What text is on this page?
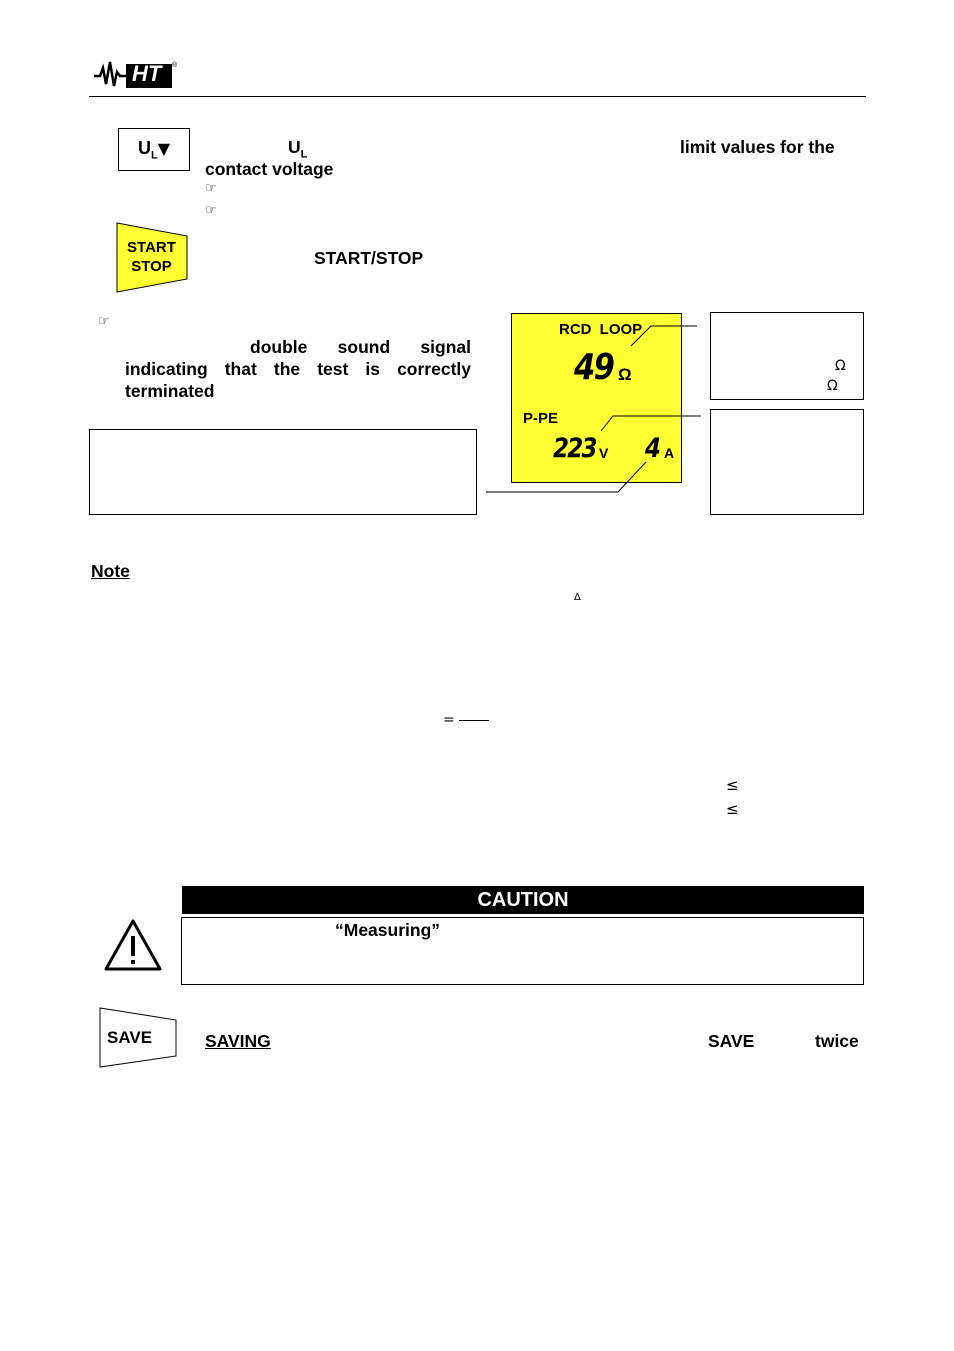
HT ®
$U_L▼$	$U_L$	limit values for the
contact voltage
☞
☞
START
STOP	START/STOP
☞
double sound signal
indicating that the test is correctly
terminated
RCD LOOP
49 Ω
P-PE
223 V 4 A
Ω
Ω
Note
Δ
=
≤
≤
CAUTION
“Measuring”
SAVE	SAVING	SAVE	twice
